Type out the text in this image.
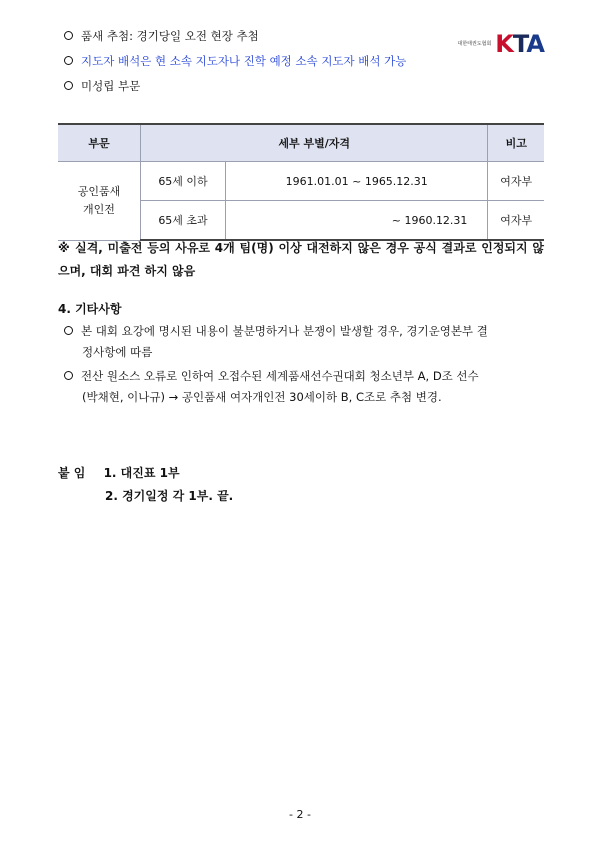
대한태권도협회 KTA
품새 추첨: 경기당일 오전 현장 추첨
지도자 배석은 현 소속 지도자나 진학 예정 소속 지도자 배석 가능
미성립 부문
부문	세부 부별/자격		비고
공인품새
개인전	65세 이하	1961.01.01 ~ 1965.12.31	여자부
	65세 초과	~ 1960.12.31	여자부
※ 실격, 미출전 등의 사유로 4개 팀(명) 이상 대전하지 않은 경우 공식 결과로 인정되지 않으며, 대회 파견 하지 않음
4. 기타사항
본 대회 요강에 명시된 내용이 불분명하거나 분쟁이 발생할 경우, 경기운영본부 결
정사항에 따름
전산 원소스 오류로 인하여 오접수된 세계품새선수권대회 청소년부 A, D조 선수
(박채현, 이나규) → 공인품새 여자개인전 30세이하 B, C조로 추첨 변경.
붙 임 1. 대진표 1부
2. 경기일정 각 1부. 끝.
- 2 -
